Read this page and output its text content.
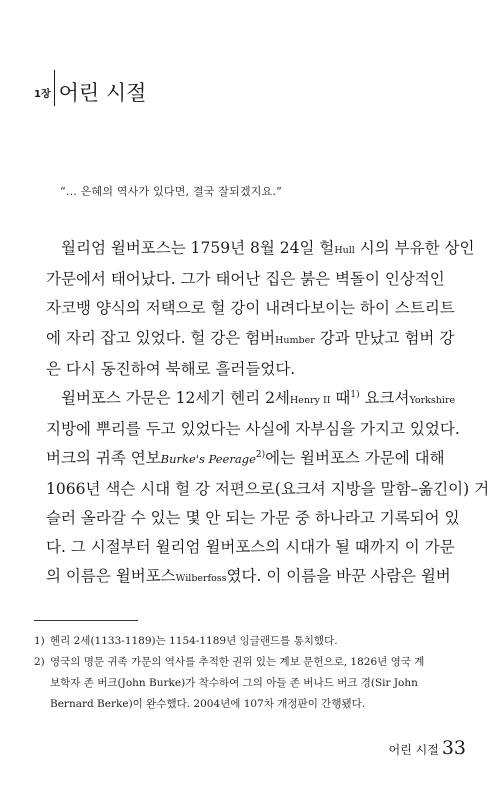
1장 어린 시절
“… 은혜의 역사가 있다면, 결국 잘되겠지요.”
월리엄 윌버포스는 1759년 8월 24일 헐Hull 시의 부유한 상인
가문에서 태어났다. 그가 태어난 집은 붉은 벽돌이 인상적인
자코뱅 양식의 저택으로 헐 강이 내려다보이는 하이 스트리트
에 자리 잡고 있었다. 헐 강은 험버Humber 강과 만났고 험버 강
은 다시 동진하여 북해로 흘러들었다.
윌버포스 가문은 12세기 헨리 2세Henry II 때$^{1)}$ 요크셔Yorkshire
지방에 뿌리를 두고 있었다는 사실에 자부심을 가지고 있었다.
버크의 귀족 연보Burke's Peerage$^{2)}$에는 윌버포스 가문에 대해
1066년 색슨 시대 헐 강 저편으로(요크셔 지방을 말함–옮긴이) 거
슬러 올라갈 수 있는 몇 안 되는 가문 중 하나라고 기록되어 있
다. 그 시절부터 윌리엄 윌버포스의 시대가 될 때까지 이 가문
의 이름은 윌버포스Wilberfoss였다. 이 이름을 바꾼 사람은 윌버
1) 헨리 2세(1133-1189)는 1154-1189년 잉글랜드를 통치했다.
2) 영국의 명문 귀족 가문의 역사를 추적한 권위 있는 계보 문헌으로, 1826년 영국 계
보학자 존 버크(John Burke)가 착수하여 그의 아들 존 버나드 버크 경(Sir John
Bernard Berke)이 완수했다. 2004년에 107차 개정판이 간행됐다.
어린 시절 33
